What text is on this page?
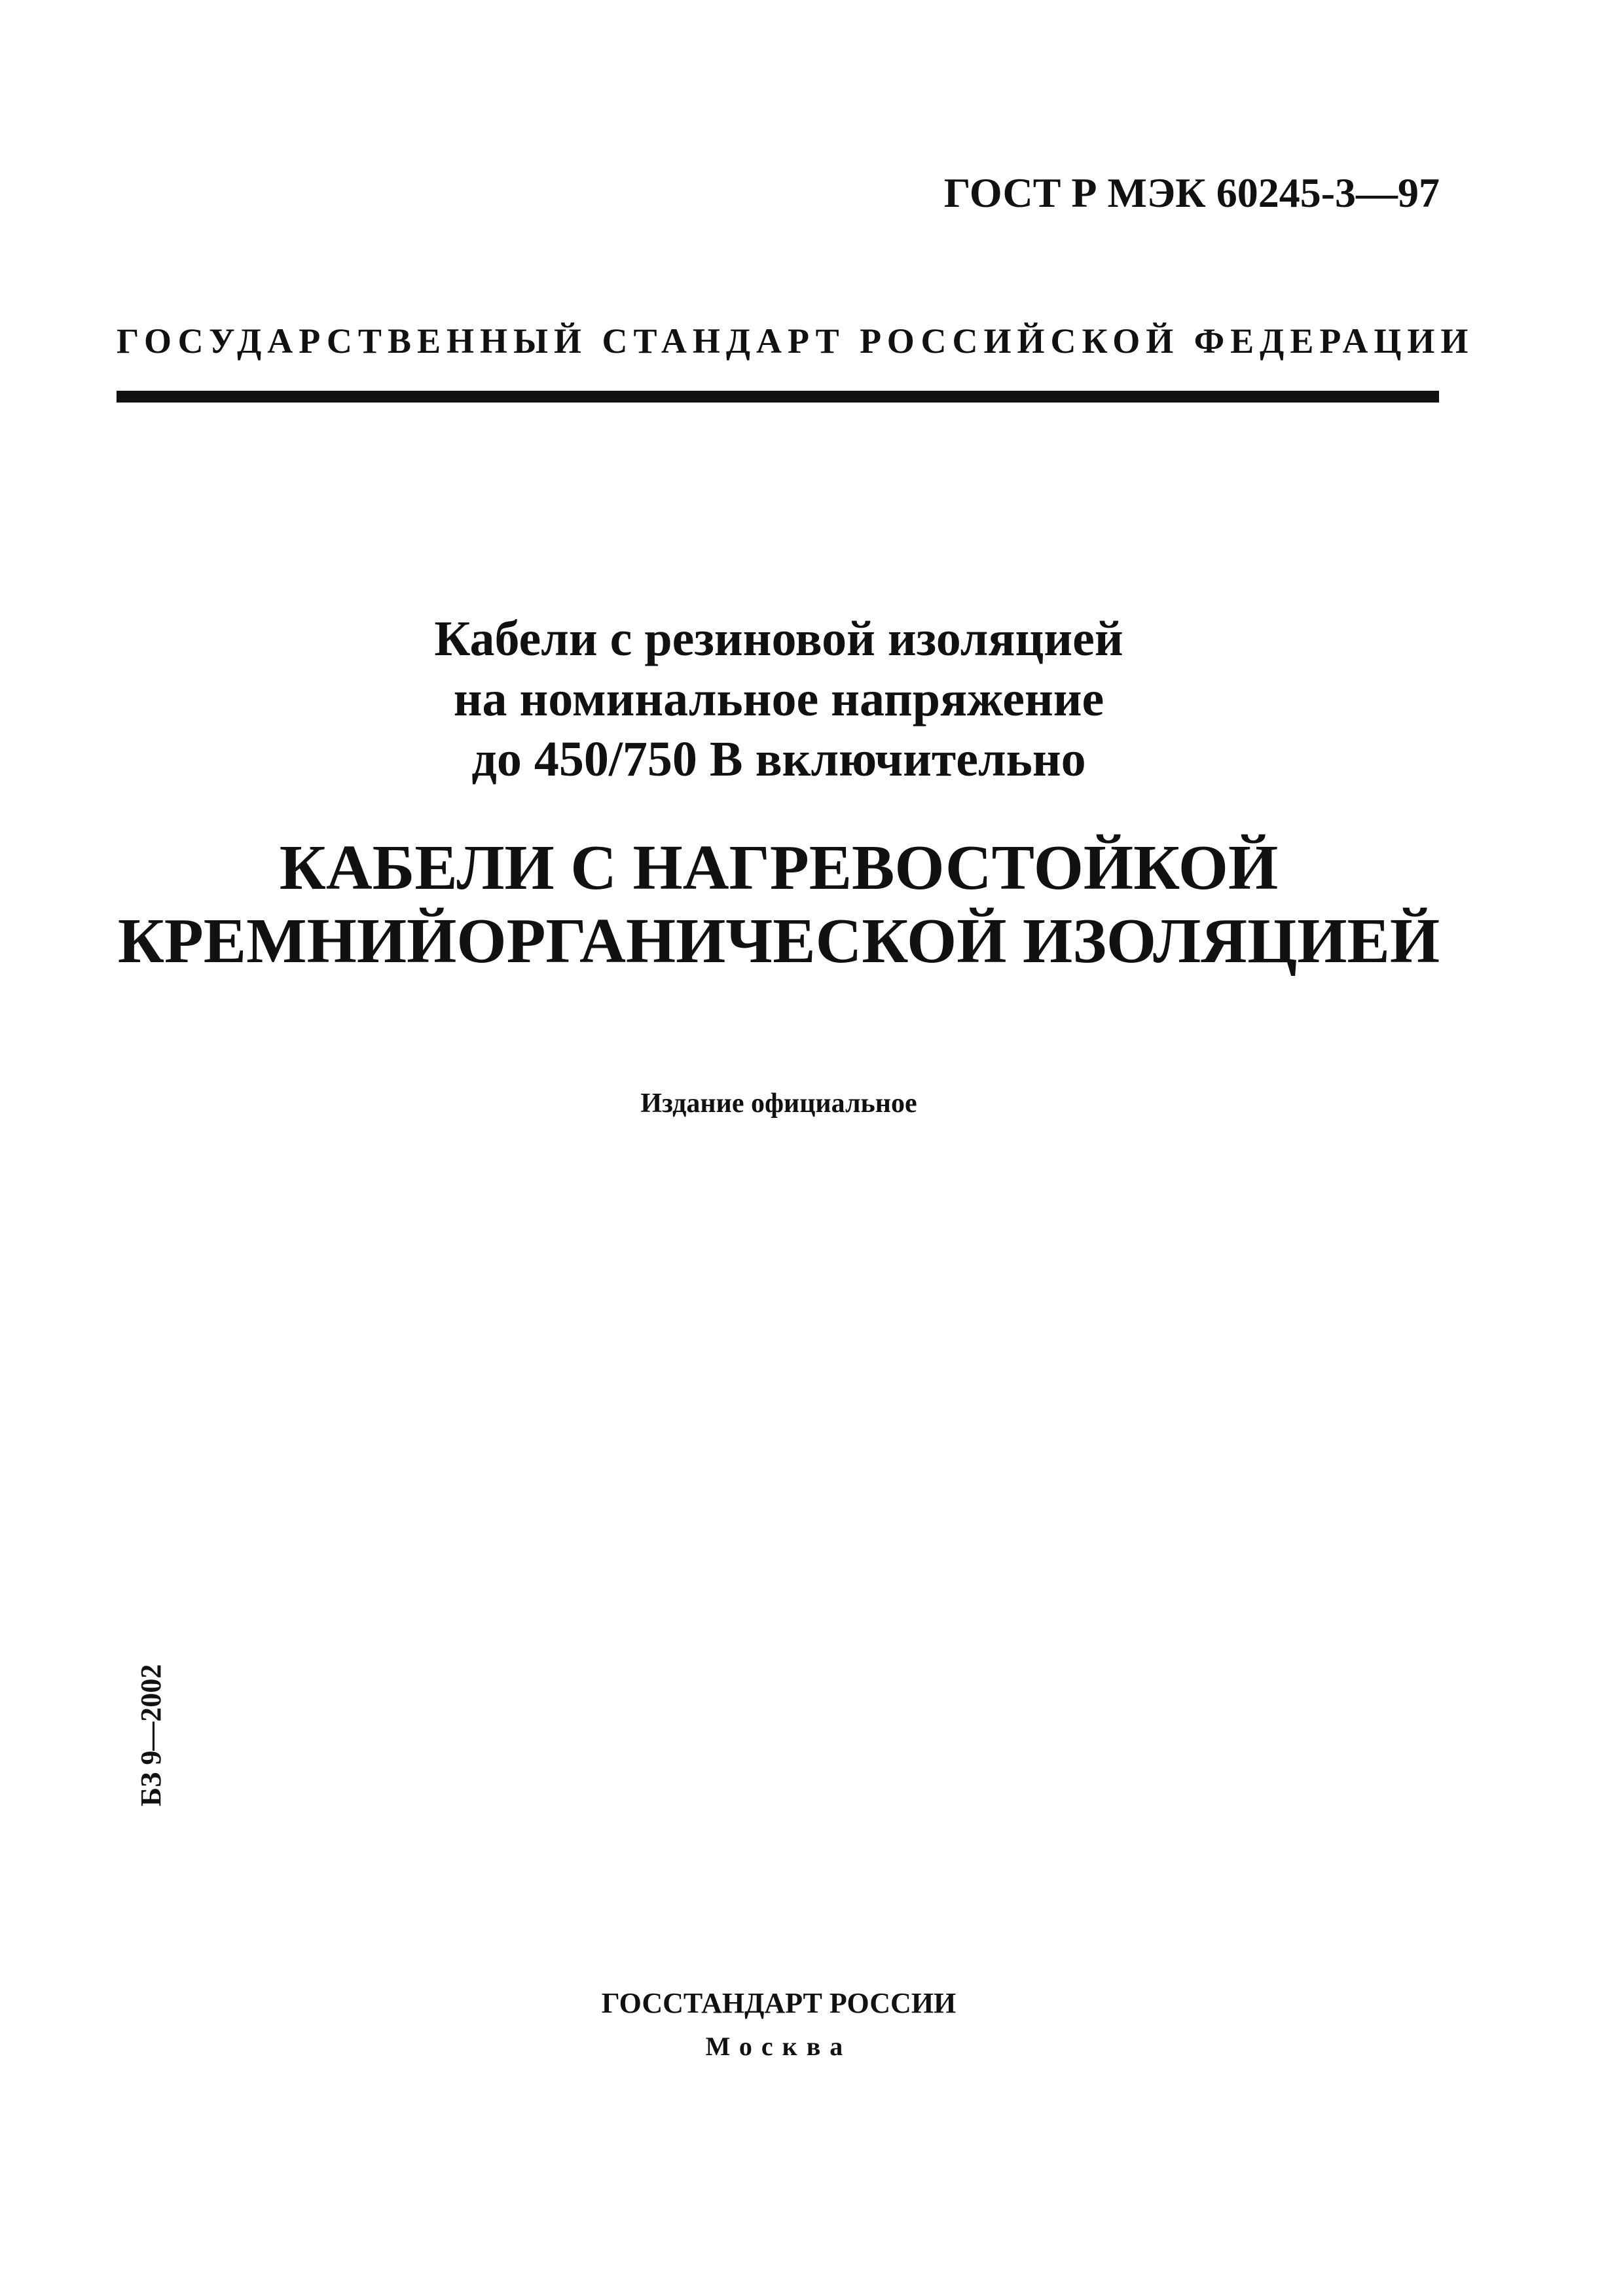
ГОСТ Р МЭК 60245-3—97
ГОСУДАРСТВЕННЫЙ СТАНДАРТ РОССИЙСКОЙ ФЕДЕРАЦИИ
Кабели с резиновой изоляцией
на номинальное напряжение
до 450/750 В включительно
КАБЕЛИ С НАГРЕВОСТОЙКОЙ
КРЕМНИЙОРГАНИЧЕСКОЙ ИЗОЛЯЦИЕЙ
Издание официальное
БЗ 9—2002
ГОССТАНДАРТ РОССИИ
Москва
